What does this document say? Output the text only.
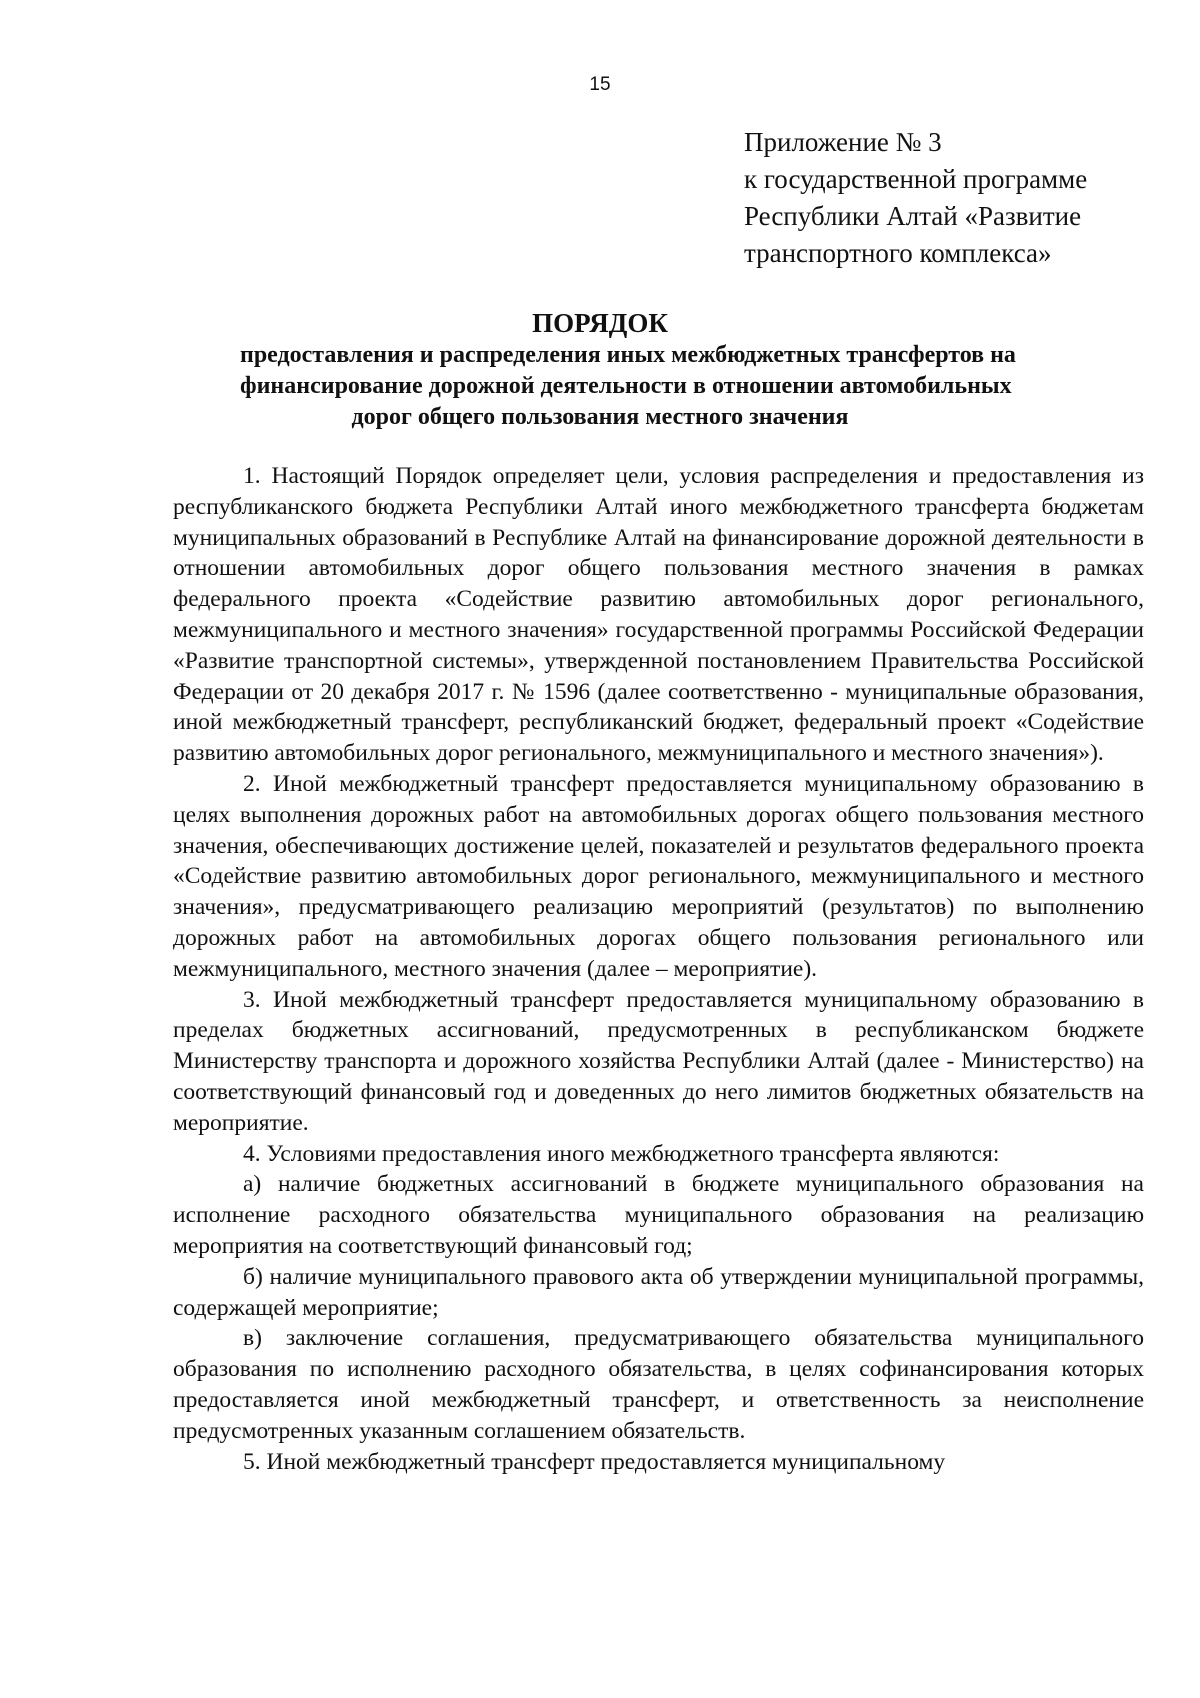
15
Приложение № 3
к государственной программе
Республики Алтай «Развитие
транспортного комплекса»
ПОРЯДОК
предоставления и распределения иных межбюджетных трансфертов на
финансирование дорожной деятельности в отношении автомобильных
дорог общего пользования местного значения

1. Настоящий Порядок определяет цели, условия распределения и предоставления из республиканского бюджета Республики Алтай иного межбюджетного трансферта бюджетам муниципальных образований в Республике Алтай на финансирование дорожной деятельности в отношении автомобильных дорог общего пользования местного значения в рамках федерального проекта «Содействие развитию автомобильных дорог регионального, межмуниципального и местного значения» государственной программы Российской Федерации «Развитие транспортной системы», утвержденной постановлением Правительства Российской Федерации от 20 декабря 2017 г. № 1596 (далее соответственно - муниципальные образования, иной межбюджетный трансферт, республиканский бюджет, федеральный проект «Содействие развитию автомобильных дорог регионального, межмуниципального и местного значения»).

2. Иной межбюджетный трансферт предоставляется муниципальному образованию в целях выполнения дорожных работ на автомобильных дорогах общего пользования местного значения, обеспечивающих достижение целей, показателей и результатов федерального проекта «Содействие развитию автомобильных дорог регионального, межмуниципального и местного значения», предусматривающего реализацию мероприятий (результатов) по выполнению дорожных работ на автомобильных дорогах общего пользования регионального или межмуниципального, местного значения (далее – мероприятие).

3. Иной межбюджетный трансферт предоставляется муниципальному образованию в пределах бюджетных ассигнований, предусмотренных в республиканском бюджете Министерству транспорта и дорожного хозяйства Республики Алтай (далее - Министерство) на соответствующий финансовый год и доведенных до него лимитов бюджетных обязательств на мероприятие.

4. Условиями предоставления иного межбюджетного трансферта являются:

а) наличие бюджетных ассигнований в бюджете муниципального образования на исполнение расходного обязательства муниципального образования на реализацию мероприятия на соответствующий финансовый год;

б) наличие муниципального правового акта об утверждении муниципальной программы, содержащей мероприятие;

в) заключение соглашения, предусматривающего обязательства муниципального образования по исполнению расходного обязательства, в целях софинансирования которых предоставляется иной межбюджетный трансферт, и ответственность за неисполнение предусмотренных указанным соглашением обязательств.

5. Иной межбюджетный трансферт предоставляется муниципальному
